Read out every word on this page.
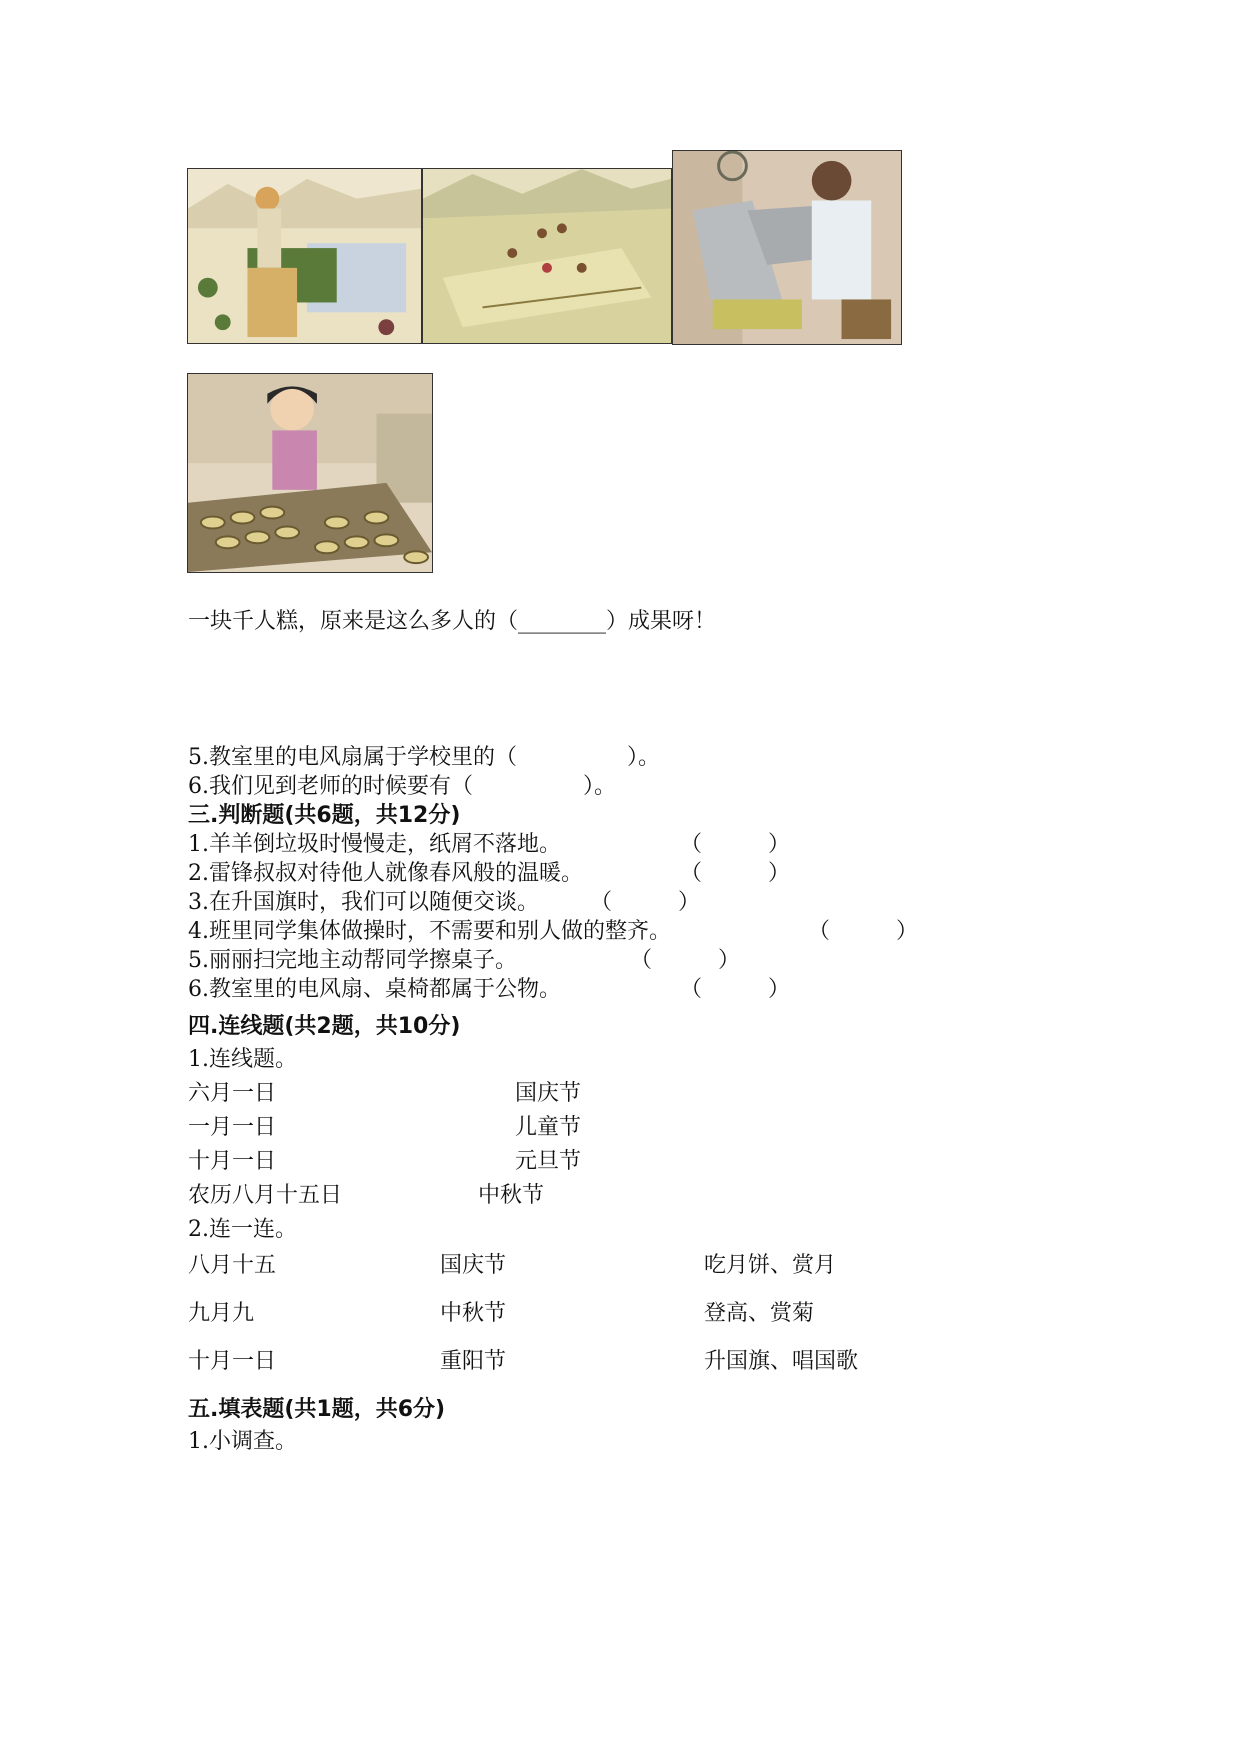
一块千人糕，原来是这么多人的（________）成果呀！
5.教室里的电风扇属于学校里的（　　　　　）。
6.我们见到老师的时候要有（　　　　　）。
三.判断题(共6题，共12分)
1.羊羊倒垃圾时慢慢走，纸屑不落地。	（　　　）
2.雷锋叔叔对待他人就像春风般的温暖。	（　　　）
3.在升国旗时，我们可以随便交谈。 （　　　）
4.班里同学集体做操时，不需要和别人做的整齐。	（　　　）
5.丽丽扫完地主动帮同学擦桌子。	（　　　）
6.教室里的电风扇、桌椅都属于公物。	（　　　）
四.连线题(共2题，共10分)
1.连线题。
六月一日	国庆节
一月一日	儿童节
十月一日	元旦节
农历八月十五日	中秋节
2.连一连。
八月十五	国庆节	吃月饼、赏月
九月九	中秋节	登高、赏菊
十月一日	重阳节	升国旗、唱国歌
五.填表题(共1题，共6分)
1.小调查。
